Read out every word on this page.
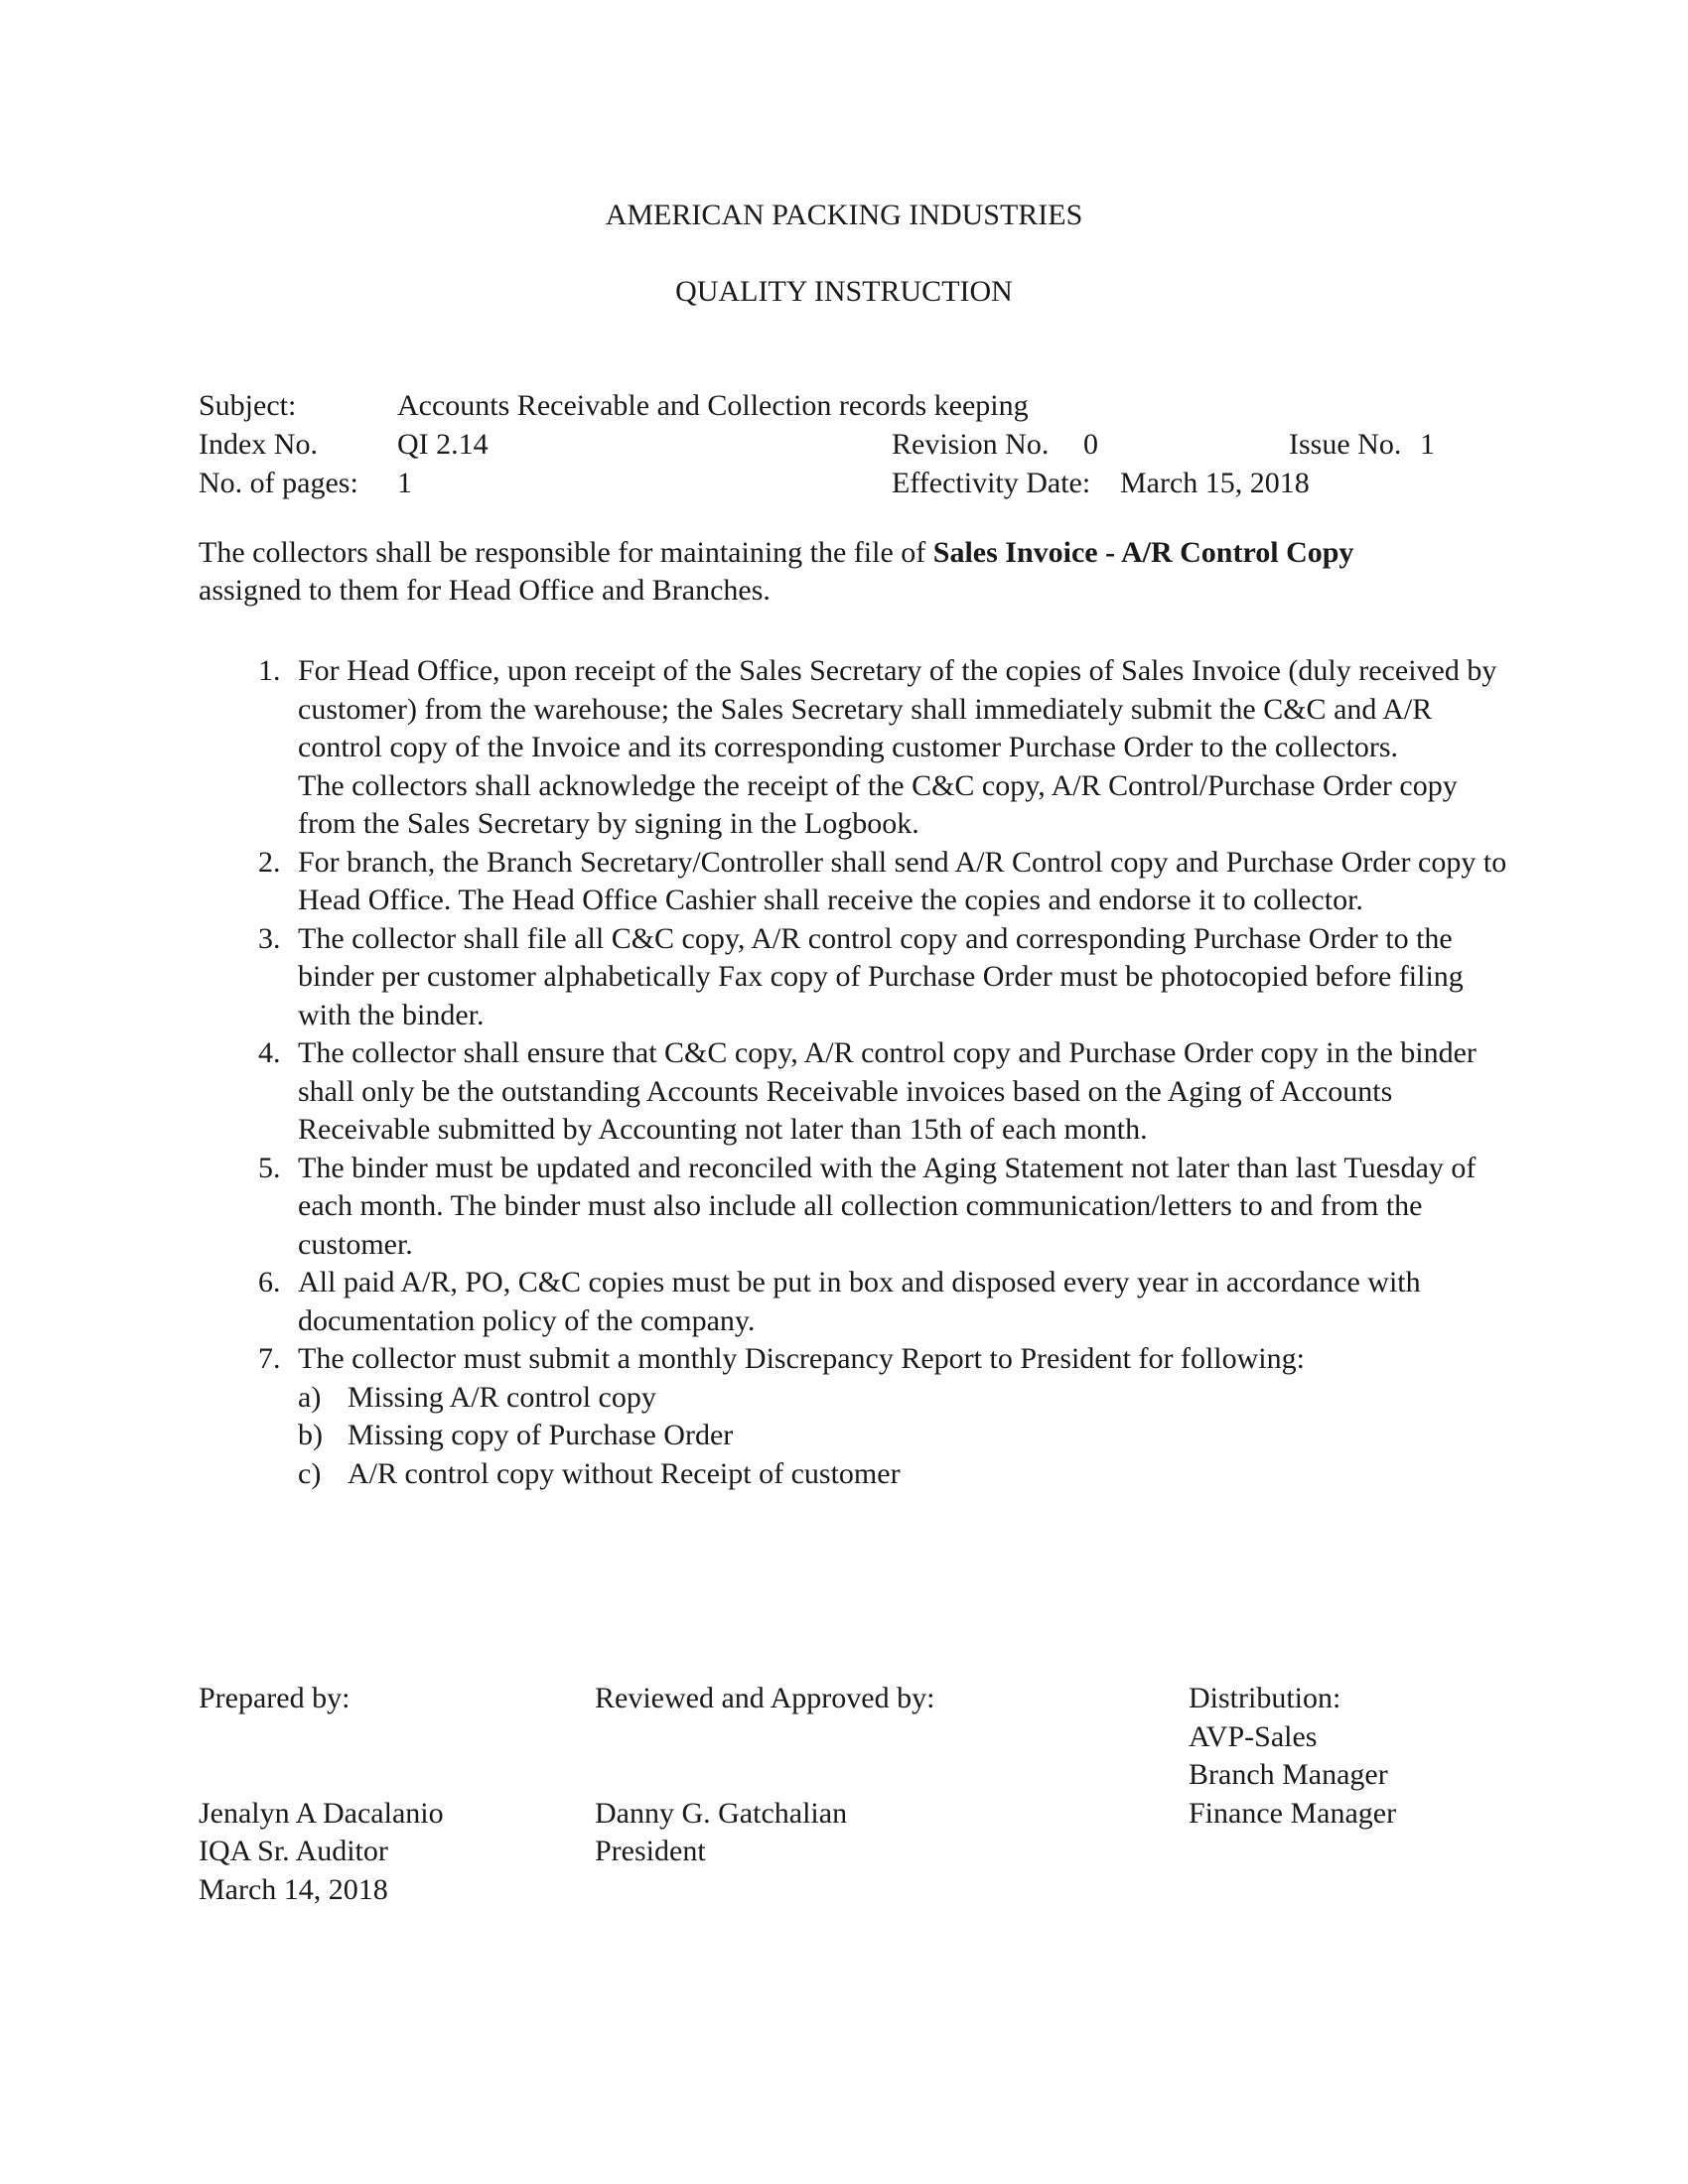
AMERICAN PACKING INDUSTRIES
QUALITY INSTRUCTION
Subject:	Accounts Receivable and Collection records keeping
Index No.	QI 2.14	Revision No. 0	Issue No. 1
No. of pages: 1	Effectivity Date: March 15, 2018
The collectors shall be responsible for maintaining the file of Sales Invoice - A/R Control Copy
assigned to them for Head Office and Branches.
1. For Head Office, upon receipt of the Sales Secretary of the copies of Sales Invoice (duly received by customer) from the warehouse; the Sales Secretary shall immediately submit the C&C and A/R control copy of the Invoice and its corresponding customer Purchase Order to the collectors.
The collectors shall acknowledge the receipt of the C&C copy, A/R Control/Purchase Order copy from the Sales Secretary by signing in the Logbook.
2. For branch, the Branch Secretary/Controller shall send A/R Control copy and Purchase Order copy to Head Office. The Head Office Cashier shall receive the copies and endorse it to collector.
3. The collector shall file all C&C copy, A/R control copy and corresponding Purchase Order to the binder per customer alphabetically Fax copy of Purchase Order must be photocopied before filing with the binder.
4. The collector shall ensure that C&C copy, A/R control copy and Purchase Order copy in the binder shall only be the outstanding Accounts Receivable invoices based on the Aging of Accounts Receivable submitted by Accounting not later than 15th of each month.
5. The binder must be updated and reconciled with the Aging Statement not later than last Tuesday of each month. The binder must also include all collection communication/letters to and from the customer.
6. All paid A/R, PO, C&C copies must be put in box and disposed every year in accordance with documentation policy of the company.
7. The collector must submit a monthly Discrepancy Report to President for following:
a) Missing A/R control copy
b) Missing copy of Purchase Order
c) A/R control copy without Receipt of customer
Prepared by:

Jenalyn A Dacalanio
IQA Sr. Auditor
March 14, 2018
Reviewed and Approved by:

Danny G. Gatchalian
President
Distribution:
AVP-Sales
Branch Manager
Finance Manager
